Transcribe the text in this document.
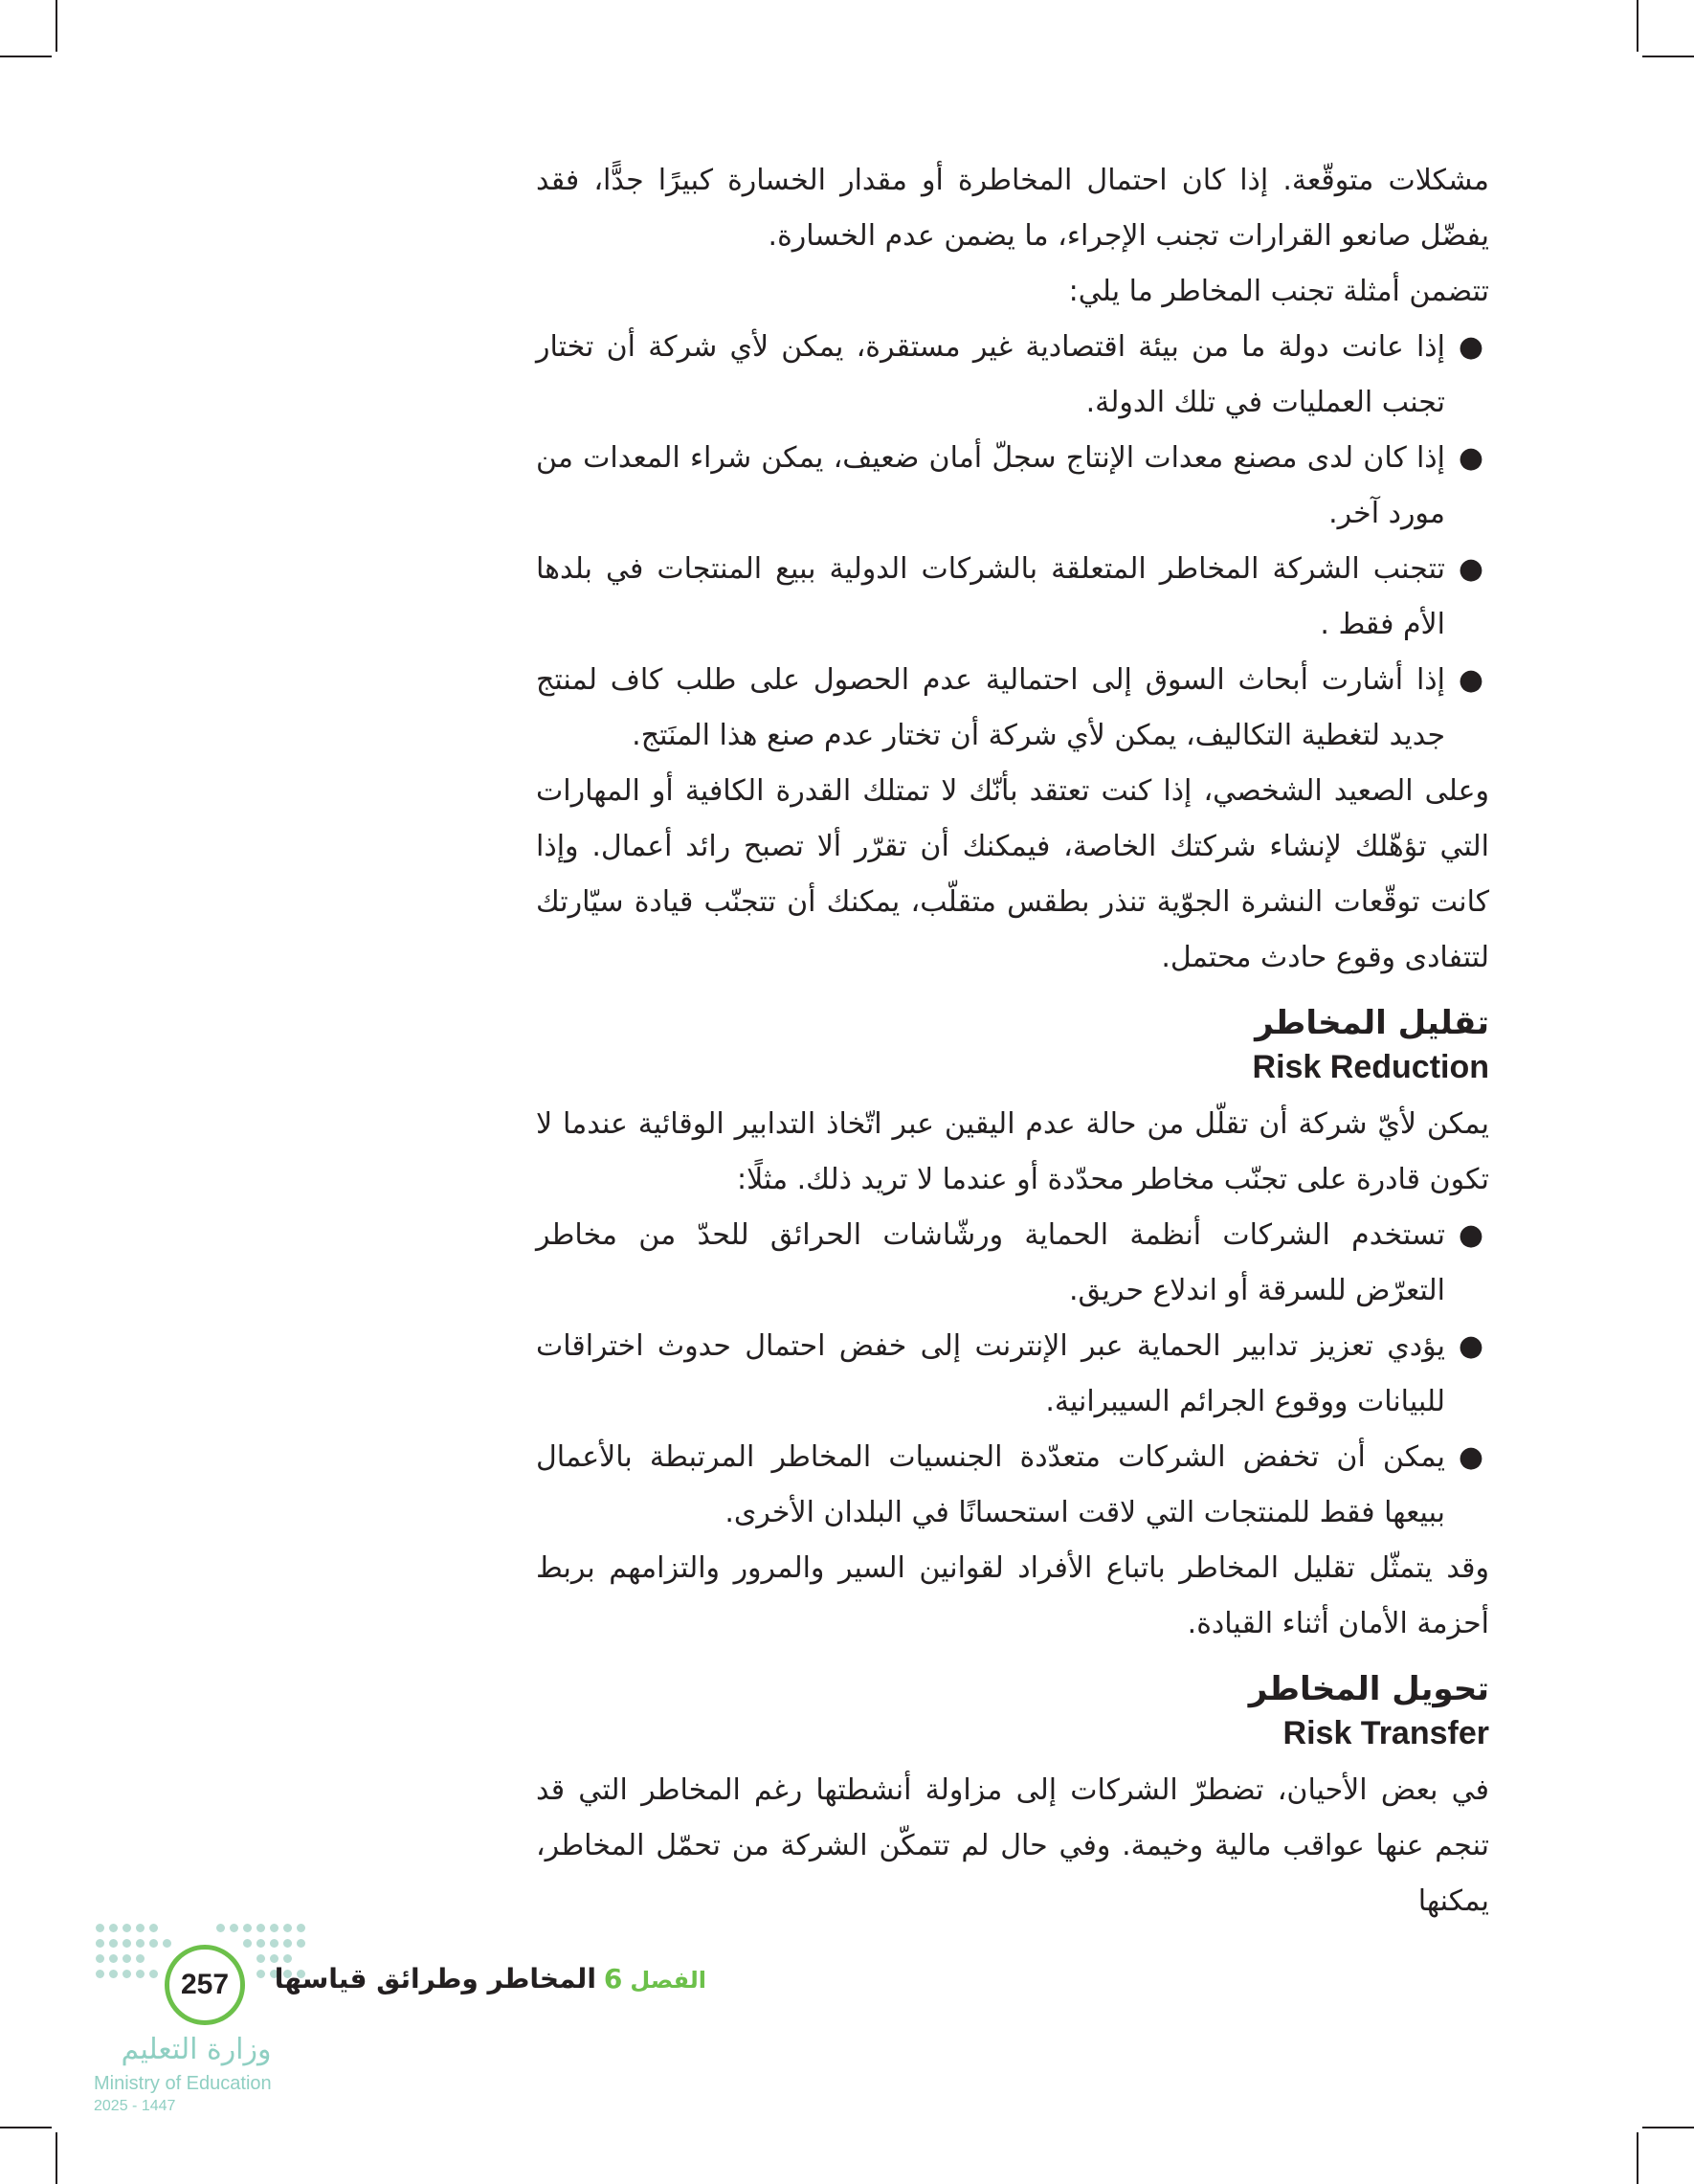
مشكلات متوقّعة. إذا كان احتمال المخاطرة أو مقدار الخسارة كبيرًا جدًّا، فقد يفضّل صانعو القرارات تجنب الإجراء، ما يضمن عدم الخسارة.

تتضمن أمثلة تجنب المخاطر ما يلي:

●
إذا عانت دولة ما من بيئة اقتصادية غير مستقرة، يمكن لأي شركة أن تختار تجنب العمليات في تلك الدولة.
●
إذا كان لدى مصنع معدات الإنتاج سجلّ أمان ضعيف، يمكن شراء المعدات من مورد آخر.
●
تتجنب الشركة المخاطر المتعلقة بالشركات الدولية ببيع المنتجات في بلدها الأم فقط .
●
إذا أشارت أبحاث السوق إلى احتمالية عدم الحصول على طلب كاف لمنتج جديد لتغطية التكاليف، يمكن لأي شركة أن تختار عدم صنع هذا المنَتج.

وعلى الصعيد الشخصي، إذا كنت تعتقد بأنّك لا تمتلك القدرة الكافية أو المهارات التي تؤهّلك لإنشاء شركتك الخاصة، فيمكنك أن تقرّر ألا تصبح رائد أعمال. وإذا كانت توقّعات النشرة الجوّية تنذر بطقس متقلّب، يمكنك أن تتجنّب قيادة سيّارتك لتتفادى وقوع حادث محتمل.

تقليل المخاطر
Risk Reduction

يمكن لأيّ شركة أن تقلّل من حالة عدم اليقين عبر اتّخاذ التدابير الوقائية عندما لا تكون قادرة على تجنّب مخاطر محدّدة أو عندما لا تريد ذلك. مثلًا:

●
تستخدم الشركات أنظمة الحماية ورشّاشات الحرائق للحدّ من مخاطر التعرّض للسرقة أو اندلاع حريق.
●
يؤدي تعزيز تدابير الحماية عبر الإنترنت إلى خفض احتمال حدوث اختراقات للبيانات ووقوع الجرائم السيبرانية.
●
يمكن أن تخفض الشركات متعدّدة الجنسيات المخاطر المرتبطة بالأعمال ببيعها فقط للمنتجات التي لاقت استحسانًا في البلدان الأخرى.

وقد يتمثّل تقليل المخاطر باتباع الأفراد لقوانين السير والمرور والتزامهم بربط أحزمة الأمان أثناء القيادة.

تحويل المخاطر
Risk Transfer

في بعض الأحيان، تضطرّ الشركات إلى مزاولة أنشطتها رغم المخاطر التي قد تنجم عنها عواقب مالية وخيمة. وفي حال لم تتمكّن الشركة من تحمّل المخاطر، يمكنها

257
وزارة التعليم
Ministry of Education
2025 - 1447
الفصل6المخاطر وطرائق قياسها
